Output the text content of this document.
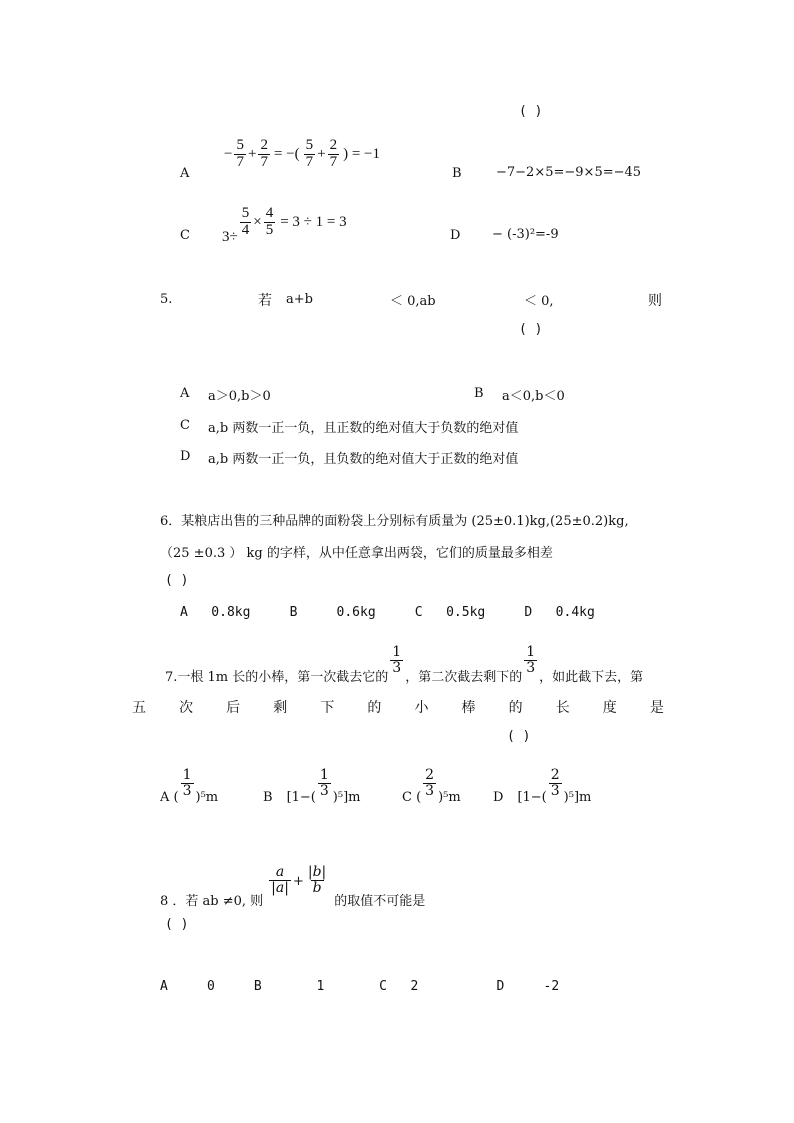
( )
A
− $\frac{5}{7} + \frac{2}{7}$ = −( $\frac{5}{7} + \frac{2}{7}$ ) = −1
B	−7−2×5=−9×5=−45
C $3\div \frac{5}{4} \times \frac{4}{5} = 3 \div 1 = 3$
D − (-3)²=-9
5.	若 a+b	＜ 0,ab	＜ 0,	则
( )
A a＞0,b＞0	B a＜0,b＜0
C a,b 两数一正一负，且正数的绝对值大于负数的绝对值
D a,b 两数一正一负，且负数的绝对值大于正数的绝对值
6．某粮店出售的三种品牌的面粉袋上分别标有质量为 (25±0.1)kg,(25±0.2)kg,
（25 ±0.3 ） kg 的字样，从中任意拿出两袋，它们的质量最多相差
( )
A   0.8kg     B     0.6kg     C   0.5kg     D   0.4kg
7.一根 1m 长的小棒，第一次截去它的
$\frac{1}{3}$
，第二次截去剩下的
$\frac{1}{3}$
，如此截下去，第
五 次 后 剩 下 的 小 棒 的 长 度 是
( )
A ( $\frac{1}{3} )^5m$	B $[1-( \frac{1}{3} )^5]m$	C ( $\frac{2}{3} )^5m$ D $[1-( \frac{2}{3} )^5]m$
8 ．若 ab ≠0, 则
$\frac{a}{|a|} + \frac{|b|}{b}$
的取值不可能是
( )
A     0     B       1       C   2          D     -2
